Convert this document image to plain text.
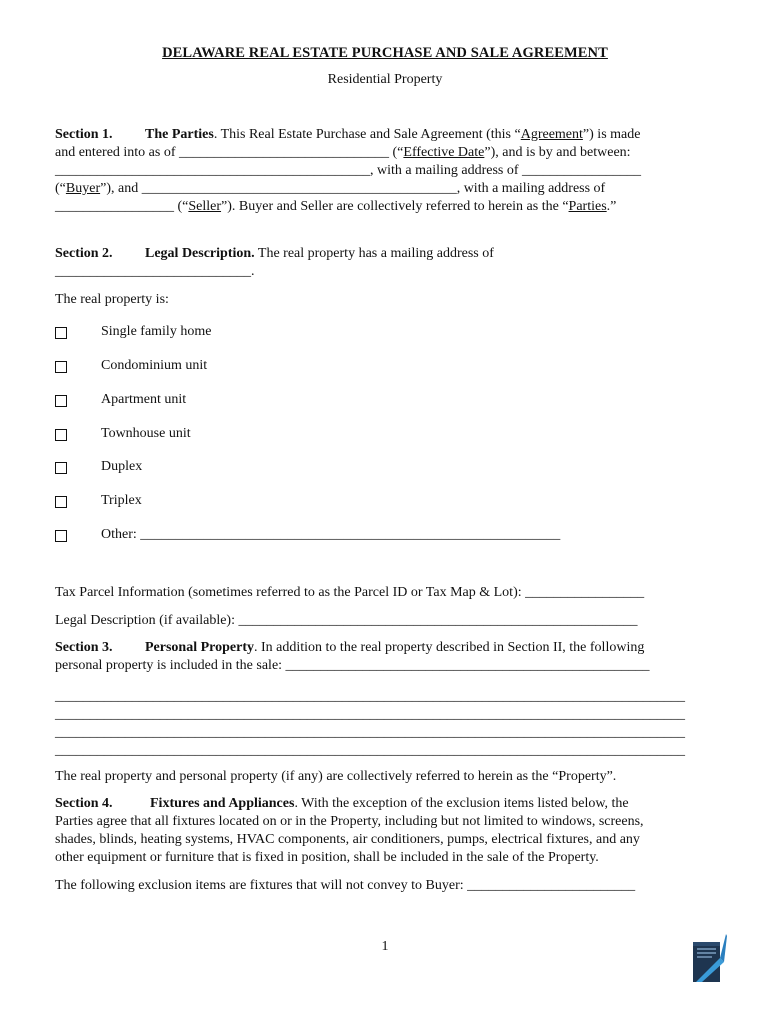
DELAWARE REAL ESTATE PURCHASE AND SALE AGREEMENT
Residential Property
Section 1. The Parties. This Real Estate Purchase and Sale Agreement (this “Agreement”) is made
and entered into as of ______________________________ (“Effective Date”), and is by and between:
_____________________________________________, with a mailing address of _________________
(“Buyer”), and _____________________________________________, with a mailing address of
_________________ (“Seller”). Buyer and Seller are collectively referred to herein as the “Parties.”
Section 2. Legal Description. The real property has a mailing address of
____________________________.
The real property is:
Single family home
Condominium unit
Apartment unit
Townhouse unit
Duplex
Triplex
Other: ____________________________________________________________
Tax Parcel Information (sometimes referred to as the Parcel ID or Tax Map & Lot): _________________
Legal Description (if available): _________________________________________________________
Section 3. Personal Property. In addition to the real property described in Section II, the following
personal property is included in the sale: ____________________________________________________
__________________________________________________________________________________________
__________________________________________________________________________________________
__________________________________________________________________________________________
__________________________________________________________________________________________
The real property and personal property (if any) are collectively referred to herein as the “Property”.
Section 4.	Fixtures and Appliances. With the exception of the exclusion items listed below, the
Parties agree that all fixtures located on or in the Property, including but not limited to windows, screens,
shades, blinds, heating systems, HVAC components, air conditioners, pumps, electrical fixtures, and any
other equipment or furniture that is fixed in position, shall be included in the sale of the Property.
The following exclusion items are fixtures that will not convey to Buyer: ________________________
1
